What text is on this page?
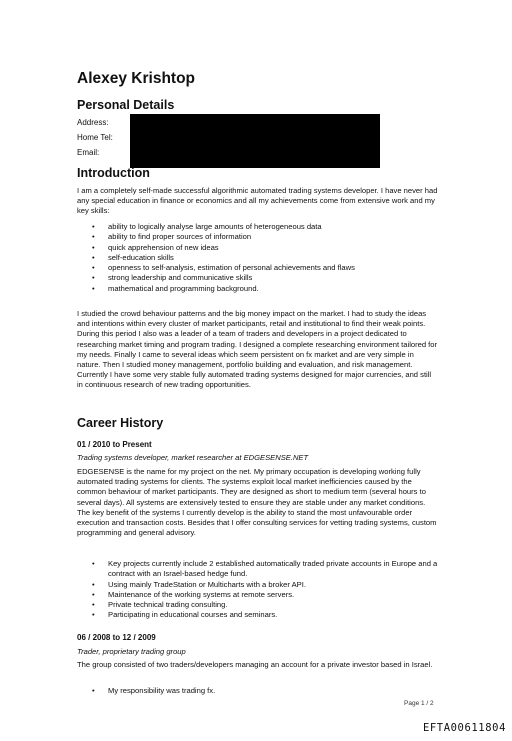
Alexey Krishtop
Personal Details
Address:
Home Tel:
Email:
Introduction

I am a completely self-made successful algorithmic automated trading systems developer. I have never had any special education in finance or economics and all my achievements come from extensive work and my key skills:

• ability to logically analyse large amounts of heterogeneous data
• ability to find proper sources of information
• quick apprehension of new ideas
• self-education skills
• openness to self-analysis, estimation of personal achievements and flaws
• strong leadership and communicative skills
• mathematical and programming background.

I studied the crowd behaviour patterns and the big money impact on the market. I had to study the ideas and intentions within every cluster of market participants, retail and institutional to find their weak points. During this period I also was a leader of a team of traders and developers in a project dedicated to researching market timing and program trading. I designed a complete researching environment tailored for my needs. Finally I came to several ideas which seem persistent on fx market and are very simple in nature. Then I studied money management, portfolio building and evaluation, and risk management. Currently I have some very stable fully automated trading systems designed for major currencies, and still in continuous research of new trading opportunities.

Career History
01 / 2010 to Present
Trading systems developer, market researcher at EDGESENSE.NET

EDGESENSE is the name for my project on the net. My primary occupation is developing working fully automated trading systems for clients. The systems exploit local market inefficiencies caused by the common behaviour of market participants. They are designed as short to medium term (several hours to several days). All systems are extensively tested to ensure they are stable under any market conditions. The key benefit of the systems I currently develop is the ability to stand the most unfavourable order execution and transaction costs. Besides that I offer consulting services for vetting trading systems, custom programming and general advisory.

• Key projects currently include 2 established automatically traded private accounts in Europe and a contract with an Israel-based hedge fund.
• Using mainly TradeStation or Multicharts with a broker API.
• Maintenance of the working systems at remote servers.
• Private technical trading consulting.
• Participating in educational courses and seminars.
06 / 2008 to 12 / 2009
Trader, proprietary trading group

The group consisted of two traders/developers managing an account for a private investor based in Israel.

• My responsibility was trading fx.
Page 1 / 2
EFTA00611804
